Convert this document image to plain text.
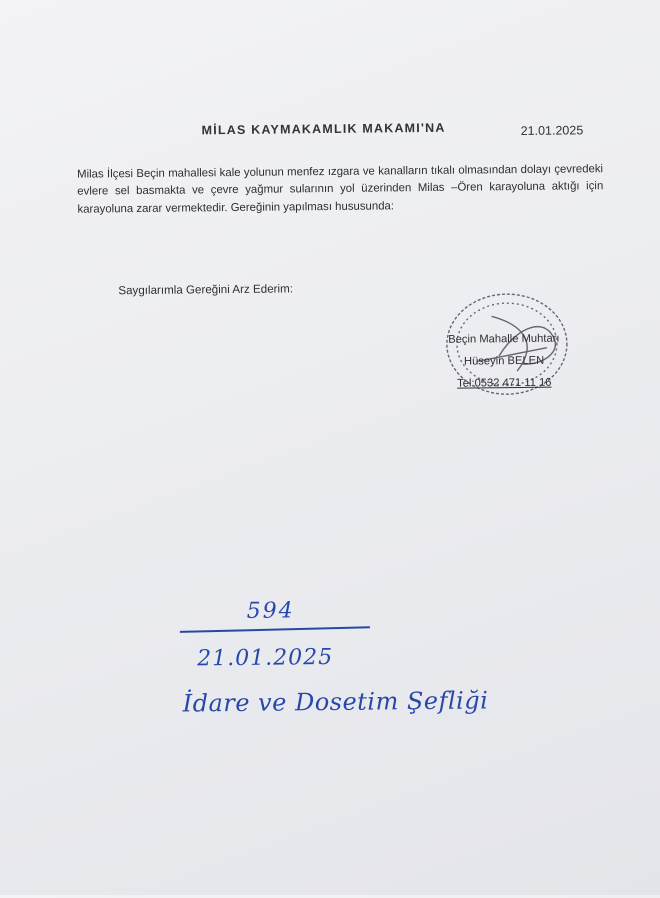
MİLAS KAYMAKAMLIK MAKAMI'NA	21.01.2025
Milas İlçesi Beçin mahallesi kale yolunun menfez ızgara ve kanalların tıkalı olmasından dolayı çevredeki evlere sel basmakta ve çevre yağmur sularının yol üzerinden Milas –Ören karayoluna aktığı için karayoluna zarar vermektedir. Gereğinin yapılması hususunda:
Saygılarımla Gereğini Arz Ederim:
Beçin Mahalle Muhtarı
Hüseyin BELEN
Tel:0532 471 11 16
594
21.01.2025
İdare ve Dosetim Şefliği
